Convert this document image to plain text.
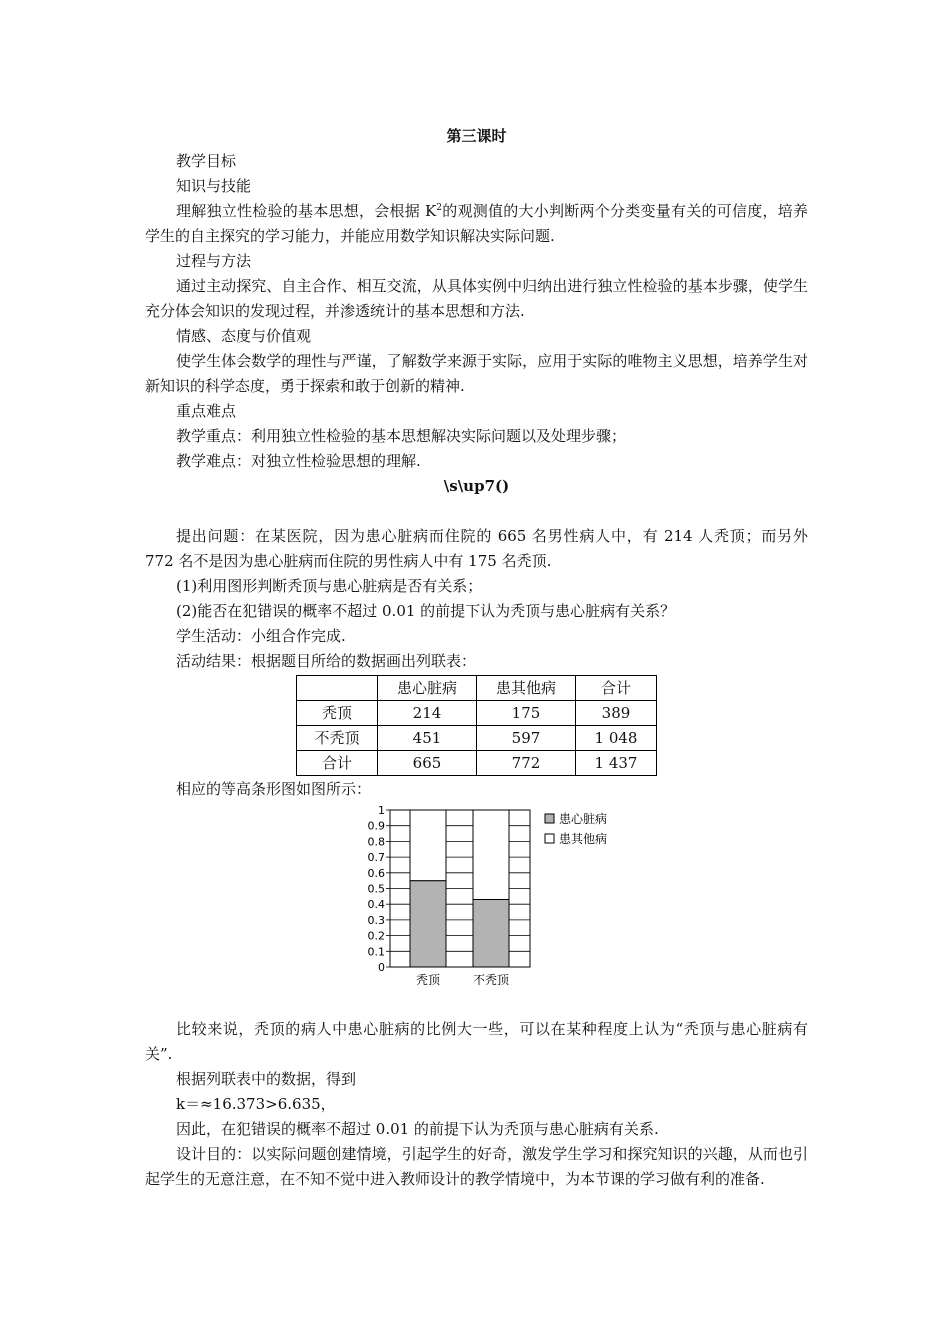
第三课时
教学目标
知识与技能
理解独立性检验的基本思想，会根据 $K^2$的观测值的大小判断两个分类变量有关的可信度，培养学生的自主探究的学习能力，并能应用数学知识解决实际问题.
过程与方法
通过主动探究、自主合作、相互交流，从具体实例中归纳出进行独立性检验的基本步骤，使学生充分体会知识的发现过程，并渗透统计的基本思想和方法.
情感、态度与价值观
使学生体会数学的理性与严谨，了解数学来源于实际，应用于实际的唯物主义思想，培养学生对新知识的科学态度，勇于探索和敢于创新的精神.
重点难点
教学重点：利用独立性检验的基本思想解决实际问题以及处理步骤；
教学难点：对独立性检验思想的理解.
\s\up7()
提出问题：在某医院，因为患心脏病而住院的 665 名男性病人中，有 214 人秃顶；而另外 772 名不是因为患心脏病而住院的男性病人中有 175 名秃顶.
(1)利用图形判断秃顶与患心脏病是否有关系；
(2)能否在犯错误的概率不超过 0.01 的前提下认为秃顶与患心脏病有关系？
学生活动：小组合作完成.
活动结果：根据题目所给的数据画出列联表：
	患心脏病	患其他病	合计
秃顶	214	175	389
不秃顶	451	597	1 048
合计	665	772	1 437
相应的等高条形图如图所示：
0
0.1
0.2
0.3
0.4
0.5
0.6
0.7
0.8
0.9
1
秃顶	不秃顶
患心脏病
患其他病
比较来说，秃顶的病人中患心脏病的比例大一些，可以在某种程度上认为“秃顶与患心脏病有关”.
根据列联表中的数据，得到
k＝≈16.373>6.635，
因此，在犯错误的概率不超过 0.01 的前提下认为秃顶与患心脏病有关系.
设计目的：以实际问题创建情境，引起学生的好奇，激发学生学习和探究知识的兴趣，从而也引起学生的无意注意，在不知不觉中进入教师设计的教学情境中，为本节课的学习做有利的准备.
